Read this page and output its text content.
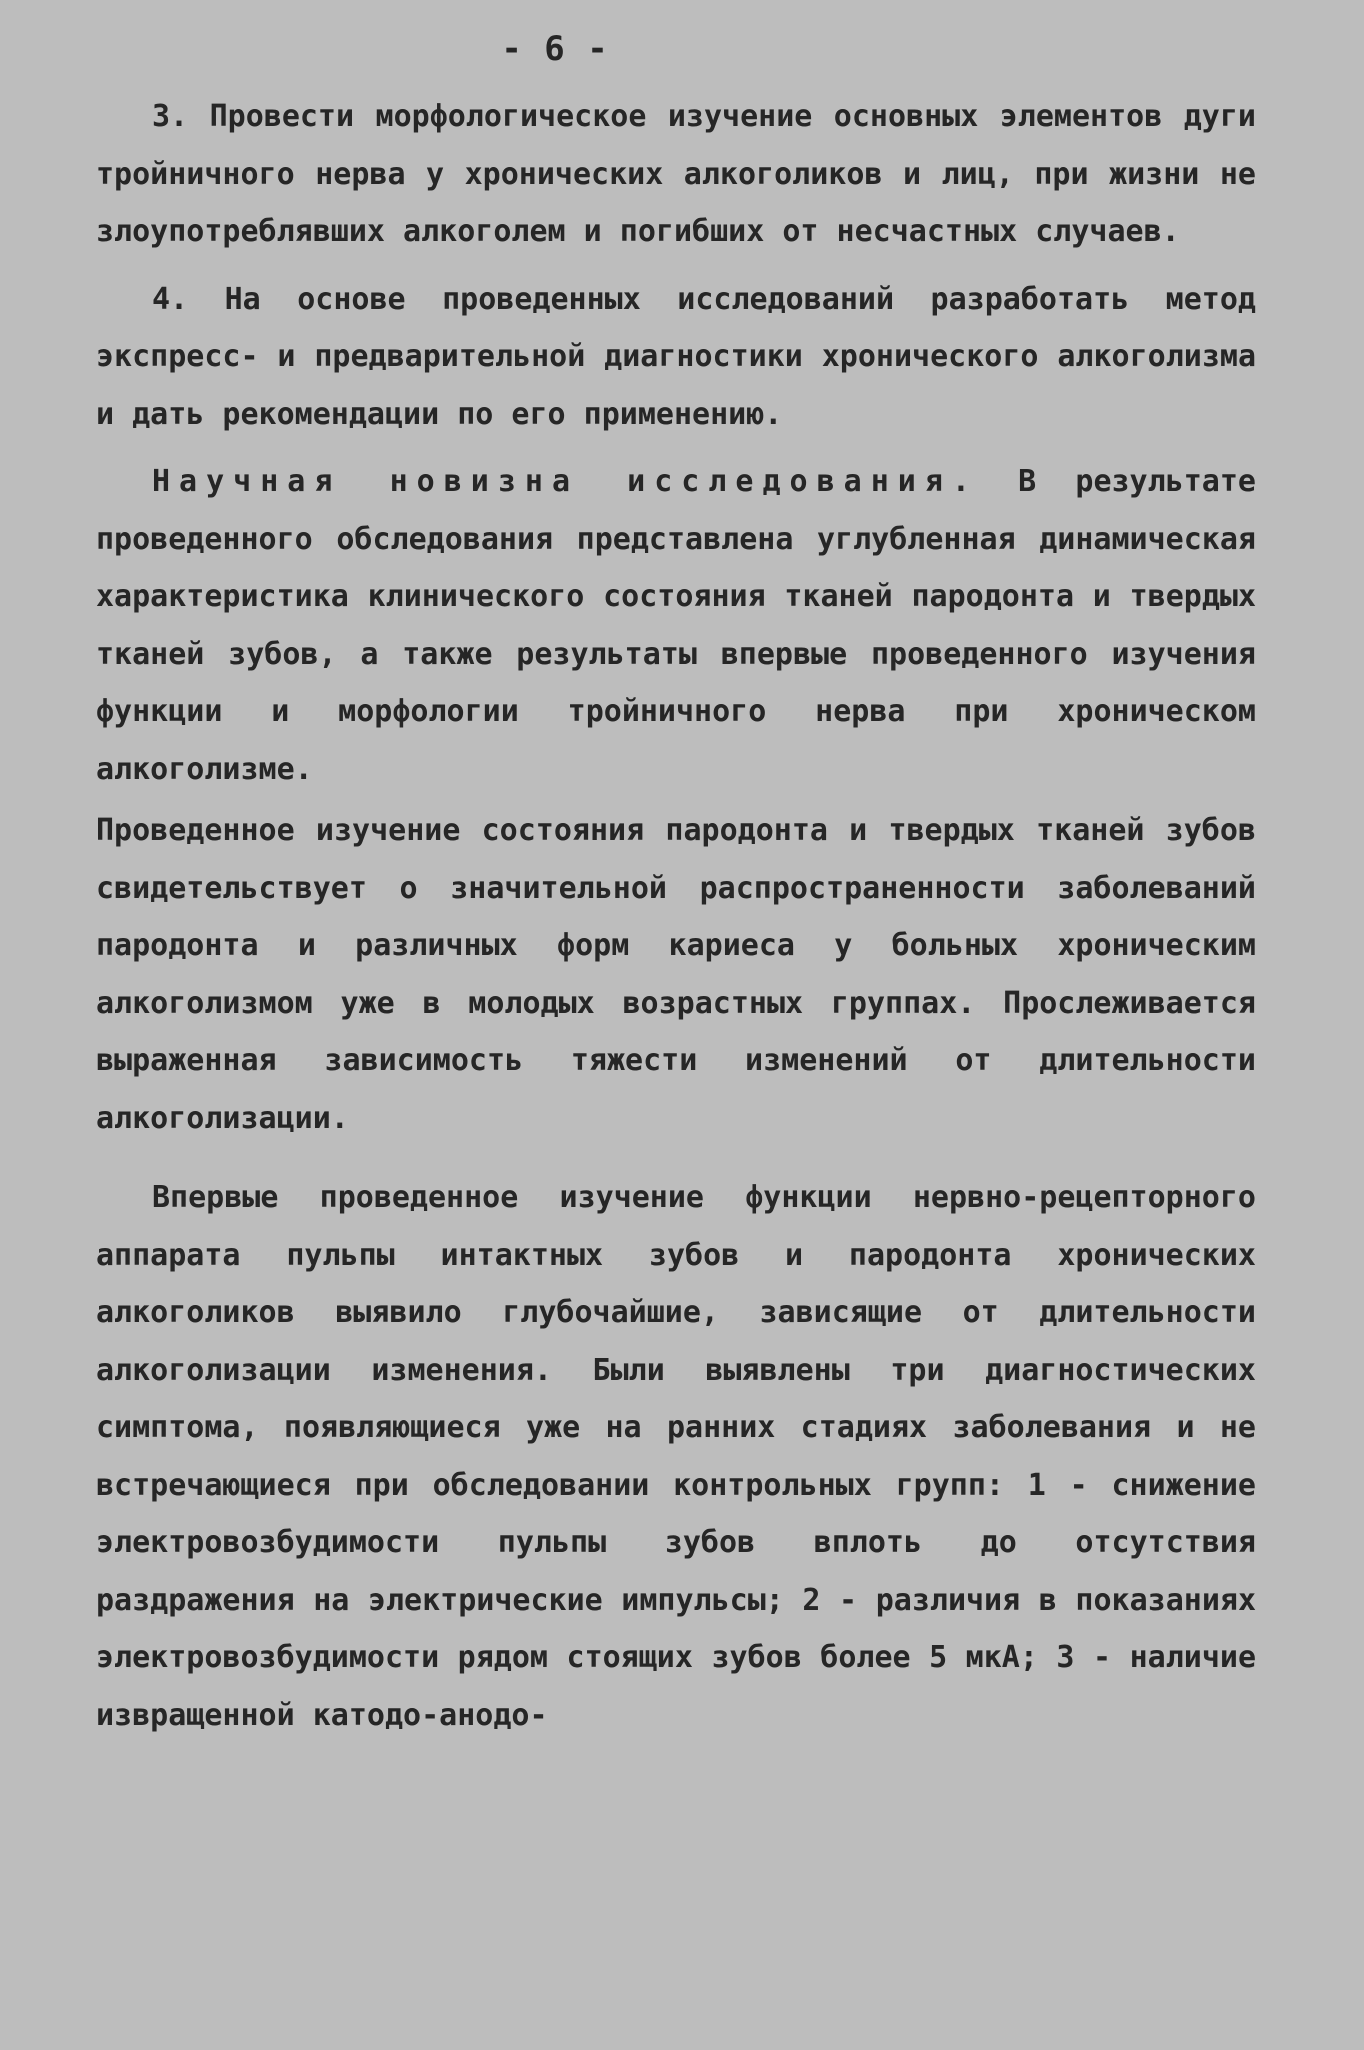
- 6 -

3. Провести морфологическое изучение основных элементов дуги тройничного нерва у хронических алкоголиков и лиц, при жизни не злоупотреблявших алкоголем и погибших от несчастных случаев.

4. На основе проведенных исследований разработать метод экспресс- и предварительной диагностики хронического алкоголизма и дать рекомендации по его применению.

Научная новизна исследования. В результате проведенного обследования представлена углубленная динамическая характеристика клинического состояния тканей пародонта и твердых тканей зубов, а также результаты впервые проведенного изучения функции и морфологии тройничного нерва при хроническом алкоголизме.

Проведенное изучение состояния пародонта и твердых тканей зубов свидетельствует о значительной распространенности заболеваний пародонта и различных форм кариеса у больных хроническим алкоголизмом уже в молодых возрастных группах. Прослеживается выраженная зависимость тяжести изменений от длительности алкоголизации.

Впервые проведенное изучение функции нервно-рецепторного аппарата пульпы интактных зубов и пародонта хронических алкоголиков выявило глубочайшие, зависящие от длительности алкоголизации изменения. Были выявлены три диагностических симптома, появляющиеся уже на ранних стадиях заболевания и не встречающиеся при обследовании контрольных групп: 1 - снижение электровозбудимости пульпы зубов вплоть до отсутствия раздражения на электрические импульсы; 2 - различия в показаниях электровозбудимости рядом стоящих зубов более 5 мкА; 3 - наличие извращенной катодо-анодо-
